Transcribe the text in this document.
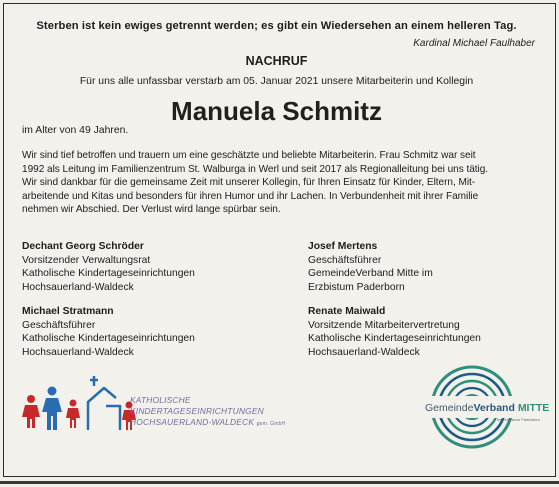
Sterben ist kein ewiges getrennt werden; es gibt ein Wiedersehen an einem helleren Tag.
Kardinal Michael Faulhaber
NACHRUF
Für uns alle unfassbar verstarb am 05. Januar 2021 unsere Mitarbeiterin und Kollegin
Manuela Schmitz
im Alter von 49 Jahren.
Wir sind tief betroffen und trauern um eine geschätzte und beliebte Mitarbeiterin. Frau Schmitz war seit
1992 als Leitung im Familienzentrum St. Walburga in Werl und seit 2017 als Regionalleitung bei uns tätig.
Wir sind dankbar für die gemeinsame Zeit mit unserer Kollegin, für Ihren Einsatz für Kinder, Eltern, Mit-
arbeitende und Kitas und besonders für ihren Humor und ihr Lachen. In Verbundenheit mit ihrer Familie
nehmen wir Abschied. Der Verlust wird lange spürbar sein.
Dechant Georg Schröder
Vorsitzender Verwaltungsrat
Katholische Kindertageseinrichtungen
Hochsauerland-Waldeck
Josef Mertens
Geschäftsführer
GemeindeVerband Mitte im
Erzbistum Paderborn
Michael Stratmann
Geschäftsführer
Katholische Kindertageseinrichtungen
Hochsauerland-Waldeck
Renate Maiwald
Vorsitzende Mitarbeitervertretung
Katholische Kindertageseinrichtungen
Hochsauerland-Waldeck
KATHOLISCHE
KINDERTAGESEINRICHTUNGEN
HOCHSAUERLAND-WALDECK gem. GmbH
GemeindeVerband MITTE
im Erzbistum Paderborn
